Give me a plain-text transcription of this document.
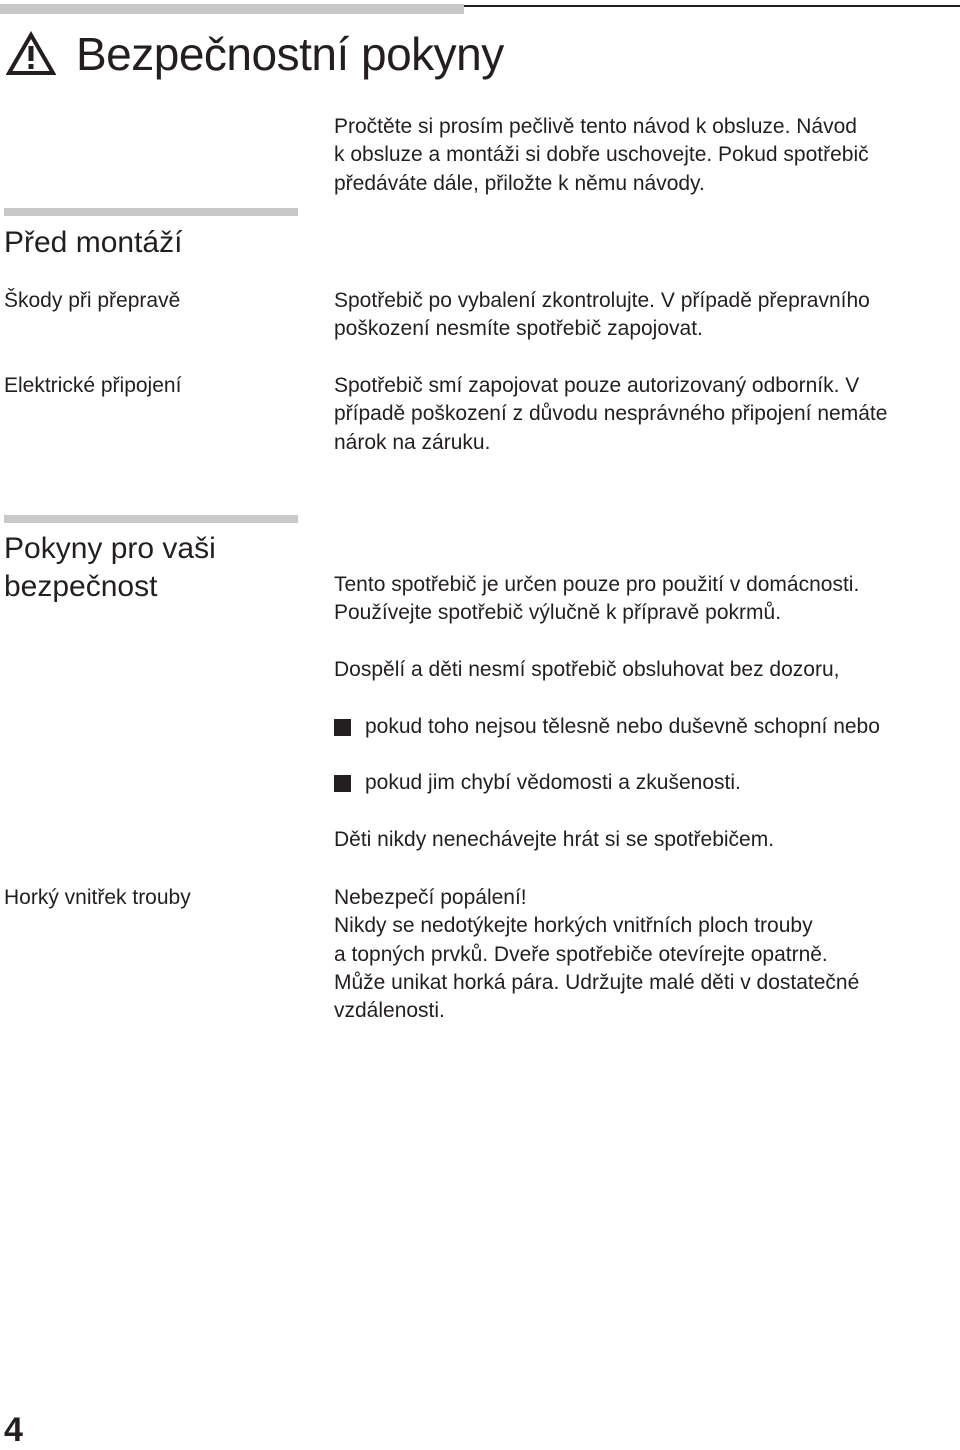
Bezpečnostní pokyny
Pročtěte si prosím pečlivě tento návod k obsluze. Návod
k obsluze a montáži si dobře uschovejte. Pokud spotřebič
předáváte dále, přiložte k němu návody.
Před montáží
Škody při přepravě	Spotřebič po vybalení zkontrolujte. V případě přepravního
poškození nesmíte spotřebič zapojovat.
Elektrické připojení	Spotřebič smí zapojovat pouze autorizovaný odborník. V
případě poškození z důvodu nesprávného připojení nemáte
nárok na záruku.
Pokyny pro vaši
bezpečnost	Tento spotřebič je určen pouze pro použití v domácnosti.
Používejte spotřebič výlučně k přípravě pokrmů.
Dospělí a děti nesmí spotřebič obsluhovat bez dozoru,
pokud toho nejsou tělesně nebo duševně schopní nebo
pokud jim chybí vědomosti a zkušenosti.
Děti nikdy nenechávejte hrát si se spotřebičem.
Horký vnitřek trouby	Nebezpečí popálení!
Nikdy se nedotýkejte horkých vnitřních ploch trouby
a topných prvků. Dveře spotřebiče otevírejte opatrně.
Může unikat horká pára. Udržujte malé děti v dostatečné
vzdálenosti.
4
